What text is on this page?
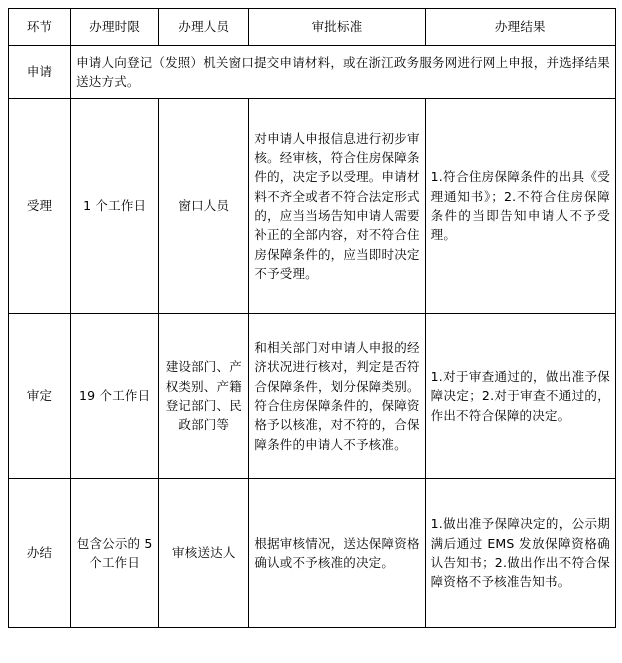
环节	办理时限	办理人员	审批标准	办理结果
申请	申请人向登记（发照）机关窗口提交申请材料，或在浙江政务服务网进行网上申报，并选择结果送达方式。			
受理	1 个工作日	窗口人员	对申请人申报信息进行初步审核。经审核，符合住房保障条件的，决定予以受理。申请材料不齐全或者不符合法定形式的，应当当场告知申请人需要补正的全部内容，对不符合住房保障条件的，应当即时决定不予受理。	1.符合住房保障条件的出具《受理通知书》；2.不符合住房保障条件的当即告知申请人不予受理。
审定	19 个工作日	建设部门、产权类别、产籍登记部门、民政部门等	和相关部门对申请人申报的经济状况进行核对，判定是否符合保障条件，划分保障类别。符合住房保障条件的，保障资格予以核准，对不符的，合保障条件的申请人不予核准。	1.对于审查通过的，做出准予保障决定；2.对于审查不通过的，作出不符合保障的决定。
办结	包含公示的 5 个工作日	审核送达人	根据审核情况，送达保障资格确认或不予核准的决定。	1.做出准予保障决定的，公示期满后通过 EMS 发放保障资格确认告知书；2.做出作出不符合保障资格不予核准告知书。
